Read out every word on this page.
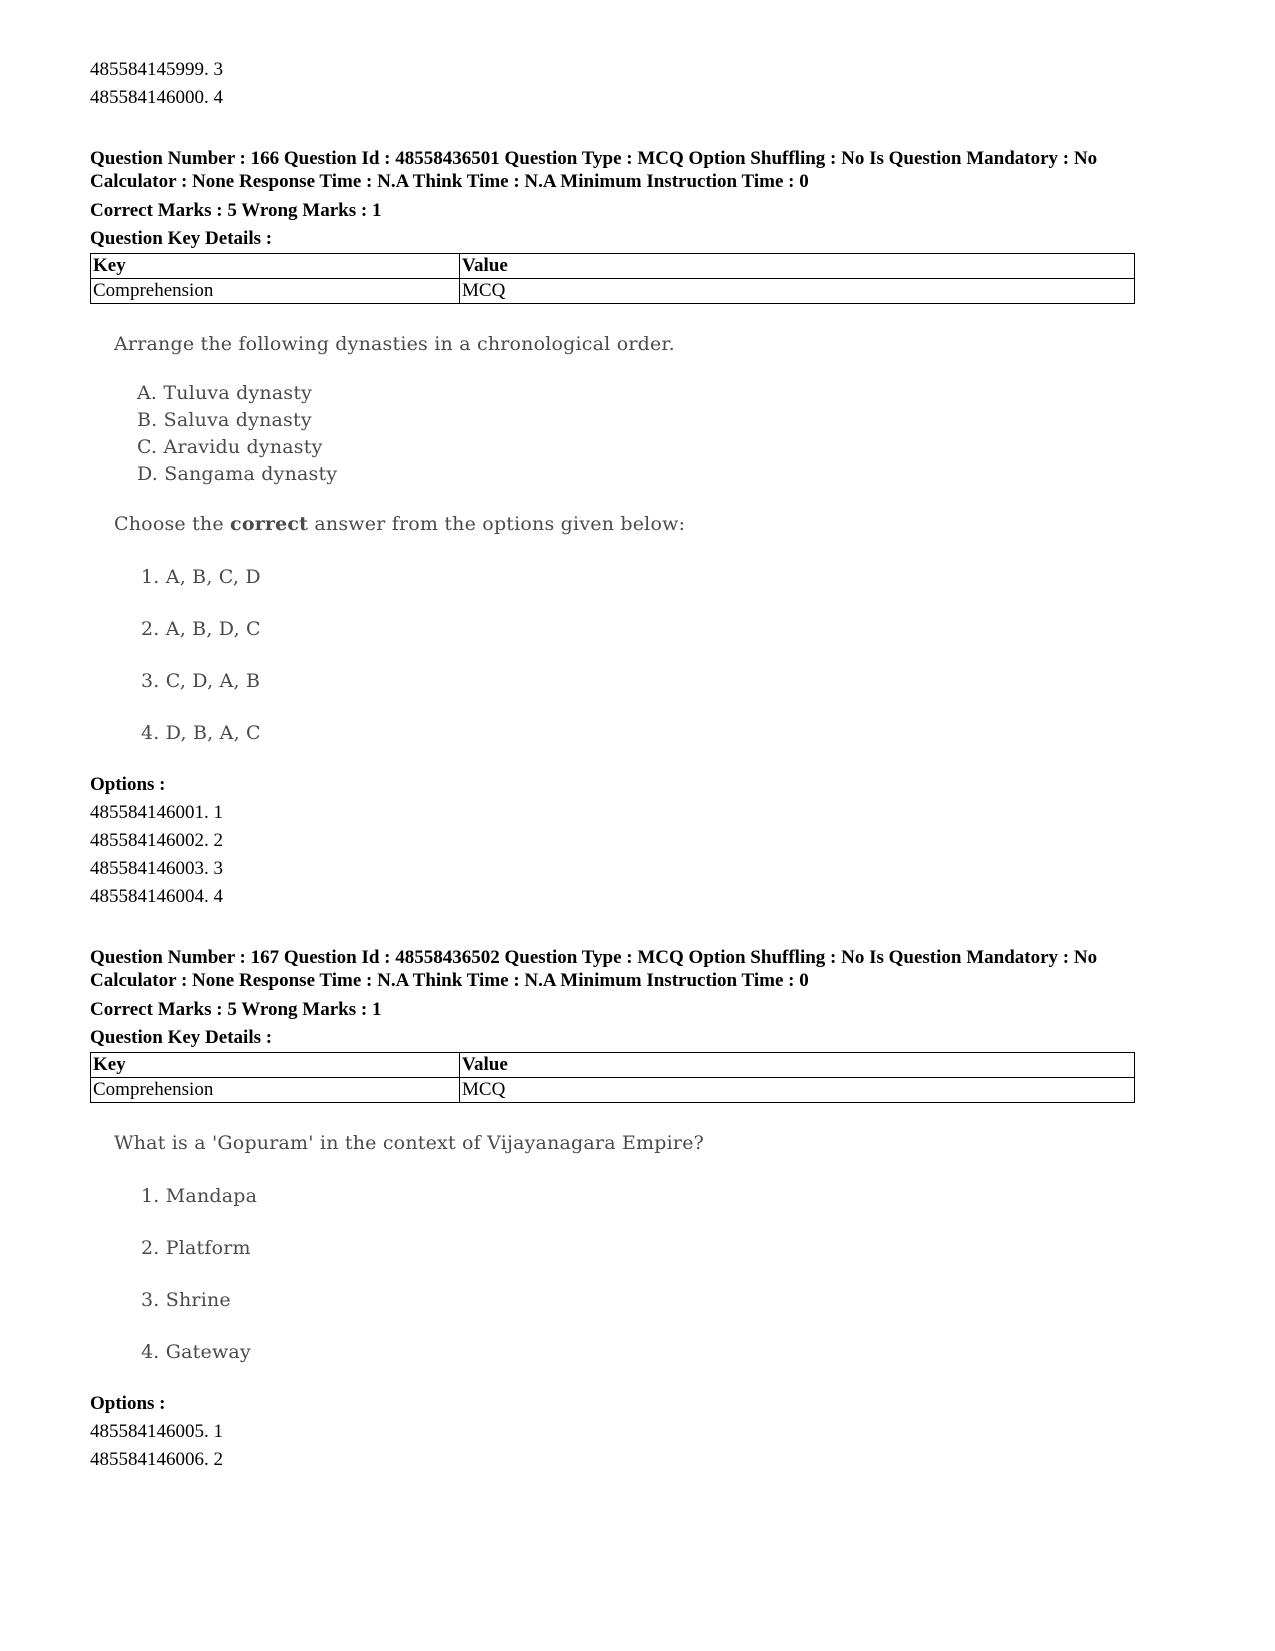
485584145999. 3
485584146000. 4
Question Number : 166 Question Id : 48558436501 Question Type : MCQ Option Shuffling : No Is Question Mandatory : No Calculator : None Response Time : N.A Think Time : N.A Minimum Instruction Time : 0
Correct Marks : 5 Wrong Marks : 1
Question Key Details :
Key	Value
Comprehension	MCQ
Arrange the following dynasties in a chronological order.
A. Tuluva dynasty
B. Saluva dynasty
C. Aravidu dynasty
D. Sangama dynasty
Choose the correct answer from the options given below:
1. A, B, C, D
2. A, B, D, C
3. C, D, A, B
4. D, B, A, C
Options :
485584146001. 1
485584146002. 2
485584146003. 3
485584146004. 4
Question Number : 167 Question Id : 48558436502 Question Type : MCQ Option Shuffling : No Is Question Mandatory : No Calculator : None Response Time : N.A Think Time : N.A Minimum Instruction Time : 0
Correct Marks : 5 Wrong Marks : 1
Question Key Details :
Key	Value
Comprehension	MCQ
What is a 'Gopuram' in the context of Vijayanagara Empire?
1. Mandapa
2. Platform
3. Shrine
4. Gateway
Options :
485584146005. 1
485584146006. 2
